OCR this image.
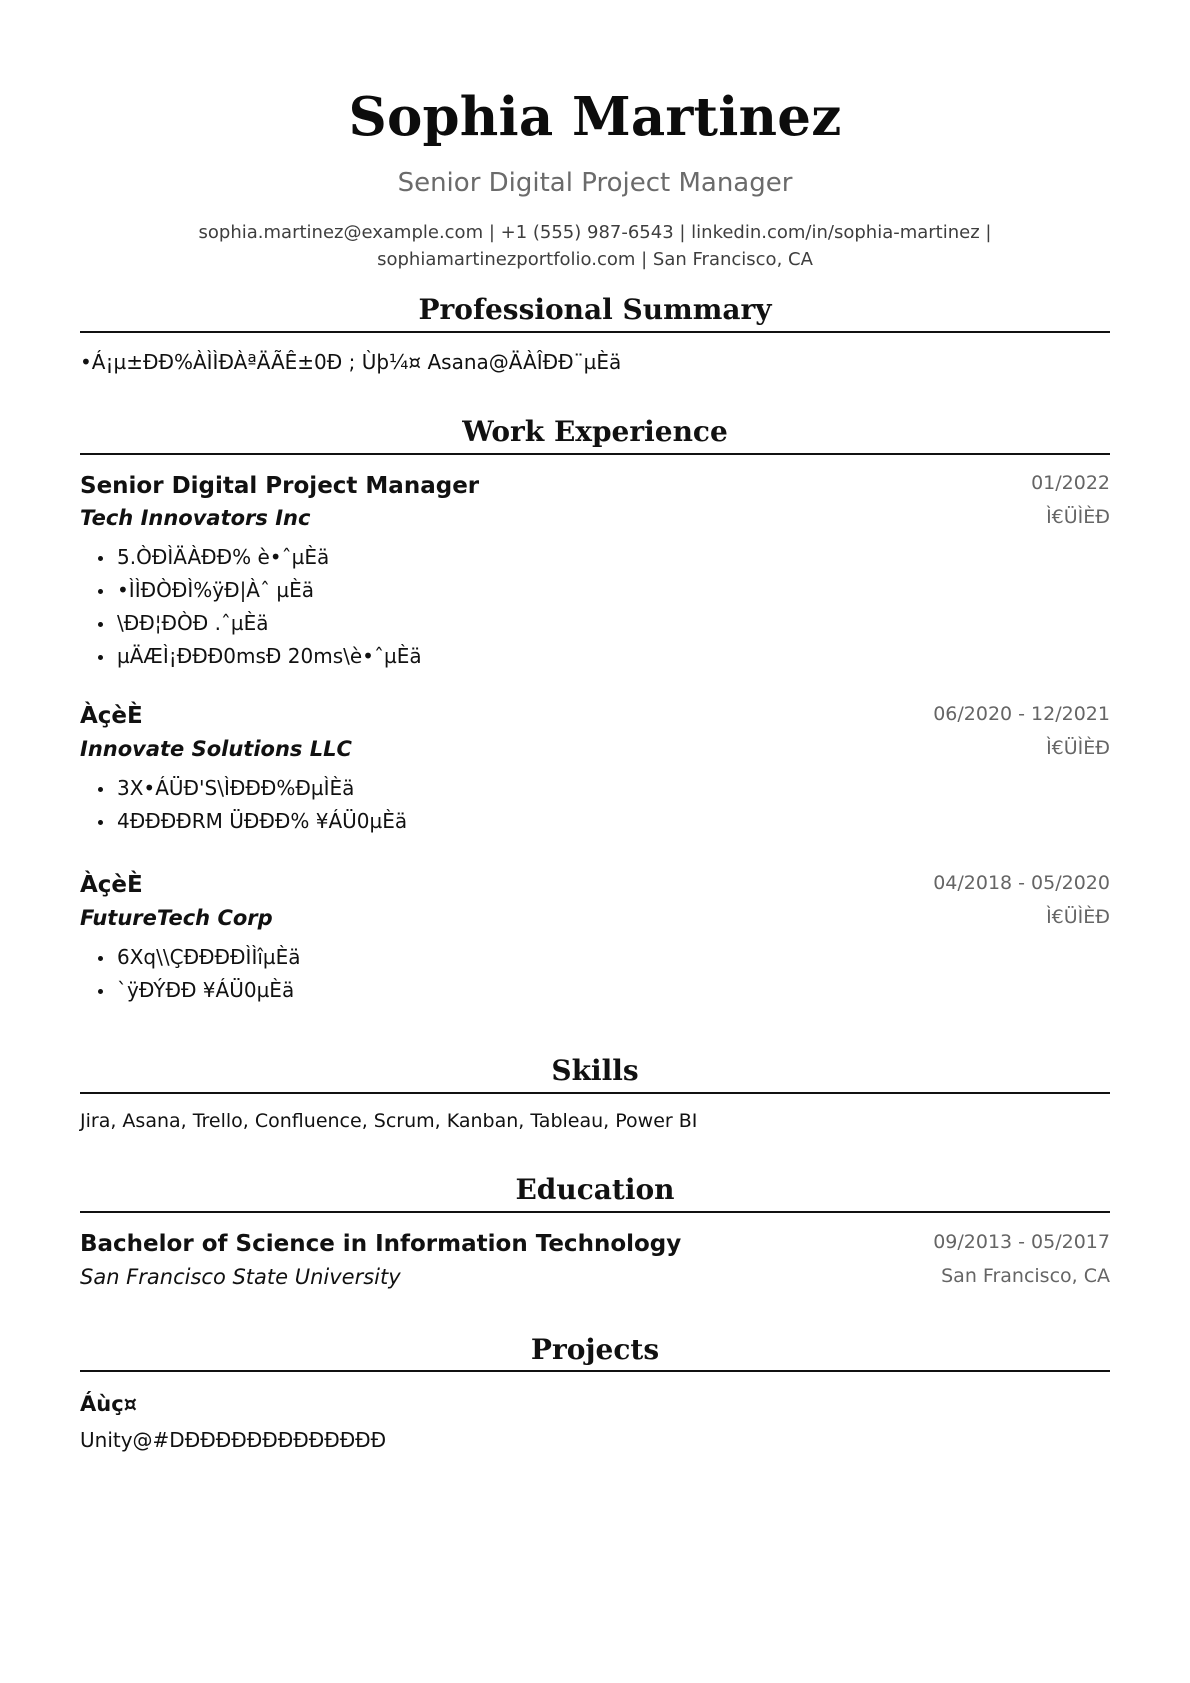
Sophia Martinez
Senior Digital Project Manager
sophia.martinez@example.com | +1 (555) 987-6543 | linkedin.com/in/sophia-martinez |
sophiamartinezportfolio.com | San Francisco, CA
Professional Summary
•Á¡µ±ÐÐ%ÀÌÌÐÀªÄÃÊ±0Ð ; Ùþ¼¤ Asana@ÄÀÎÐÐ¨µÈä
Work Experience
Senior Digital Project Manager	01/2022
Tech Innovators Inc	Ì€ÜÌÈÐ
5.ÒÐÌÄÀÐÐ% è•ˆµÈä
•ÌÌÐÒÐÌ%ÿÐ|Àˆ µÈä
\ÐÐ¦ÐÒÐ .ˆµÈä
µÄÆÌ¡ÐÐÐ0msÐ 20ms\è•ˆµÈä
ÀçèÈ	06/2020 - 12/2021
Innovate Solutions LLC	Ì€ÜÌÈÐ
3X•ÁÜÐ'S\ÌÐÐÐ%ÐµÌÈä
4ÐÐÐÐRM ÜÐÐÐ% ¥ÁÜ0µÈä
ÀçèÈ	04/2018 - 05/2020
FutureTech Corp	Ì€ÜÌÈÐ
6Xq\\ÇÐÐÐÐÌÌîµÈä
`ÿÐÝÐÐ ¥ÁÜ0µÈä
Skills
Jira, Asana, Trello, Confluence, Scrum, Kanban, Tableau, Power BI
Education
Bachelor of Science in Information Technology	09/2013 - 05/2017
San Francisco State University	San Francisco, CA
Projects
Áùç¤
Unity@#DÐÐÐÐÐÐÐÐÐÐÐÐÐ
